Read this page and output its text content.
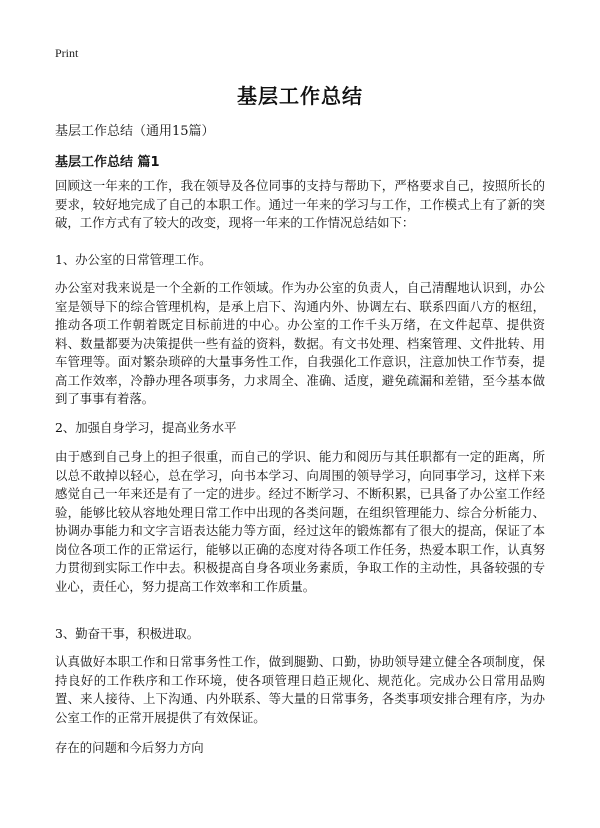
Print
基层工作总结
基层工作总结（通用15篇）
基层工作总结 篇1

回顾这一年来的工作，我在领导及各位同事的支持与帮助下，严格要求自己，按照所长的要求，较好地完成了自己的本职工作。通过一年来的学习与工作，工作模式上有了新的突破，工作方式有了较大的改变，现将一年来的工作情况总结如下：

1、办公室的日常管理工作。

办公室对我来说是一个全新的工作领域。作为办公室的负责人，自己清醒地认识到，办公室是领导下的综合管理机构，是承上启下、沟通内外、协调左右、联系四面八方的枢纽，推动各项工作朝着既定目标前进的中心。办公室的工作千头万绪，在文件起草、提供资料、数量都要为决策提供一些有益的资料，数据。有文书处理、档案管理、文件批转、用车管理等。面对繁杂琐碎的大量事务性工作，自我强化工作意识，注意加快工作节奏，提高工作效率，冷静办理各项事务，力求周全、准确、适度，避免疏漏和差错，至今基本做到了事事有着落。

2、加强自身学习，提高业务水平

由于感到自己身上的担子很重，而自己的学识、能力和阅历与其任职都有一定的距离，所以总不敢掉以轻心，总在学习，向书本学习、向周围的领导学习，向同事学习，这样下来感觉自己一年来还是有了一定的进步。经过不断学习、不断积累，已具备了办公室工作经验，能够比较从容地处理日常工作中出现的各类问题，在组织管理能力、综合分析能力、协调办事能力和文字言语表达能力等方面，经过这年的锻炼都有了很大的提高，保证了本岗位各项工作的正常运行，能够以正确的态度对待各项工作任务，热爱本职工作，认真努力贯彻到实际工作中去。积极提高自身各项业务素质，争取工作的主动性，具备较强的专业心，责任心，努力提高工作效率和工作质量。

3、勤奋干事，积极进取。

认真做好本职工作和日常事务性工作，做到腿勤、口勤，协助领导建立健全各项制度，保持良好的工作秩序和工作环境，使各项管理日趋正规化、规范化。完成办公日常用品购置、来人接待、上下沟通、内外联系、等大量的日常事务，各类事项安排合理有序，为办公室工作的正常开展提供了有效保证。

存在的问题和今后努力方向
